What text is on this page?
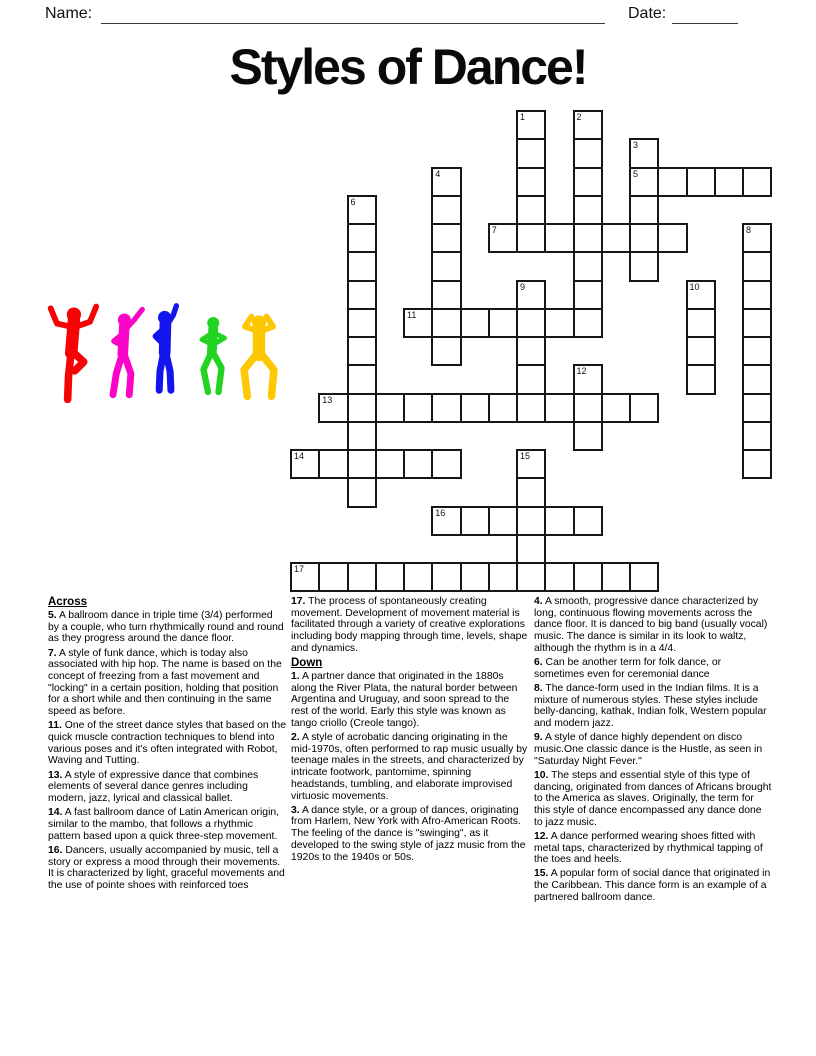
Name:	Date:
Styles of Dance!
1	2
3
5
4
6
7	8
9	10
11
12
13
14	15
16
17
Across

5. A ballroom dance in triple time (3/4) performed by a couple, who turn rhythmically round and round as they progress around the dance floor.

7. A style of funk dance, which is today also associated with hip hop. The name is based on the concept of freezing from a fast movement and "locking" in a certain position, holding that position for a short while and then continuing in the same speed as before.

11. One of the street dance styles that based on the quick muscle contraction techniques to blend into various poses and it's often integrated with Robot, Waving and Tutting.

13. A style of expressive dance that combines elements of several dance genres including modern, jazz, lyrical and classical ballet.

14. A fast ballroom dance of Latin American origin, similar to the mambo, that follows a rhythmic pattern based upon a quick three-step movement.

16. Dancers, usually accompanied by music, tell a story or express a mood through their movements. It is characterized by light, graceful movements and the use of pointe shoes with reinforced toes

17. The process of spontaneously creating movement. Development of movement material is facilitated through a variety of creative explorations including body mapping through time, levels, shape and dynamics.

Down

1. A partner dance that originated in the 1880s along the River Plata, the natural border between Argentina and Uruguay, and soon spread to the rest of the world. Early this style was known as tango criollo (Creole tango).

2. A style of acrobatic dancing originating in the mid-1970s, often performed to rap music usually by teenage males in the streets, and characterized by intricate footwork, pantomime, spinning headstands, tumbling, and elaborate improvised virtuosic movements.

3. A dance style, or a group of dances, originating from Harlem, New York with Afro-American Roots. The feeling of the dance is "swinging", as it developed to the swing style of jazz music from the 1920s to the 1940s or 50s.

4. A smooth, progressive dance characterized by long, continuous flowing movements across the dance floor. It is danced to big band (usually vocal) music. The dance is similar in its look to waltz, although the rhythm is in a 4/4.

6. Can be another term for folk dance, or sometimes even for ceremonial dance

8. The dance-form used in the Indian films. It is a mixture of numerous styles. These styles include belly-dancing, kathak, Indian folk, Western popular and modern jazz.

9. A style of dance highly dependent on disco music.One classic dance is the Hustle, as seen in "Saturday Night Fever."

10. The steps and essential style of this type of dancing, originated from dances of Africans brought to the America as slaves. Originally, the term for this style of dance encompassed any dance done to jazz music.

12. A dance performed wearing shoes fitted with metal taps, characterized by rhythmical tapping of the toes and heels.

15. A popular form of social dance that originated in the Caribbean. This dance form is an example of a partnered ballroom dance.
